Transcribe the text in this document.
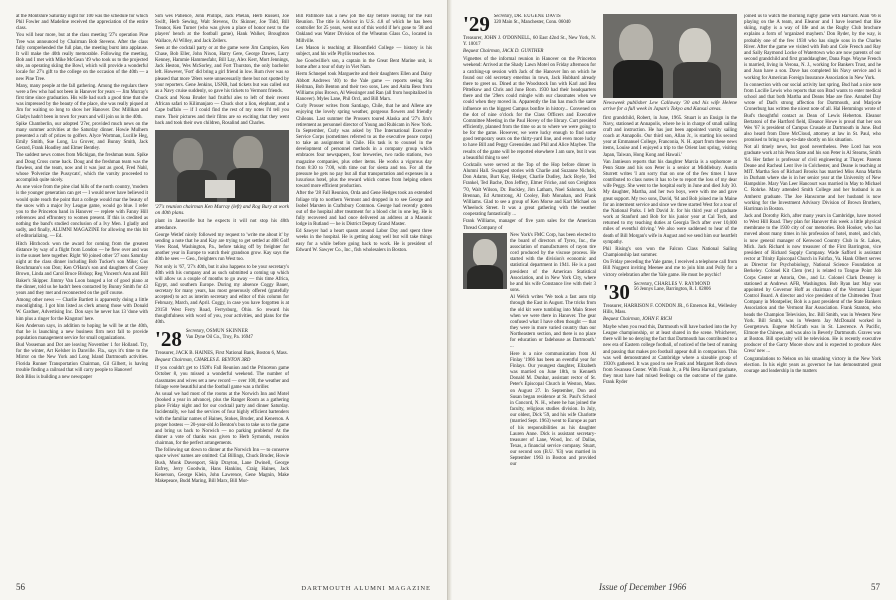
at the Montshire Saturday night for 100 was the schedule for which Phil Fowler and Madeline received the appreciation of the entire class.

You will hear more, but at the class meeting '27's operation Pine Tree was announced by Chairman Bob Stevens. After the class fully comprehended the full plan, the meeting burst into applause. It will make the 40th really memorable. Following the meeting, Bob and I met with Mike McGean '49 who took us to the projected site, an operating skiing the Bowl, which will provide a wonderful locale for 27's gift to the college on the occasion of the 40th — a new Pine Tree.

Many, many people at the fall gathering. Among the regulars there were a few who had not been in Hanover for years — Jim Murray's first time since graduation. His wife had such a good time that she was impressed by the beauty of the place, she was really piqued at Jim for waiting so long to show her Hanover. Doc Millikan and Gladys hadn't been in town for years and will join us in the 40th.

Spike Chamberlin, our adopted '27er, provided much news on the many summer activities at the Saturday dinner. Howie Mulhern presented a raft of prizes to golfers. Alyce Wortman, Lucille Heg, Emily Smith, Sue Long, Lu Grover, and Bunny Smith, Jack Gerard, Frank Hoadley and Elmer Bentley.

The saddest news comes from Michigan, the freshman team. Spike and Doug Cross come back. Doug and the freshman team was the flawless, and the team, now and it was just as good, Fred Nahl, whose 'Polverize the Pussycats', which the varsity proceeded to accomplish quite nicely.

As one voice from the pine clad hills of the north country, 'modern is the younger generation can get — I would never have believed it would quite reach the point that a college would mar the beauty of the snow with a major Ivy League game, would go blue. I refer you to the Princeton band in Hanover — replete with Fanny Hill references and effrontery to women present. If this is credited as nothing the band's studied conclusion of a Ivy Men. I gladly and sadly, and finally, ALUMNI MAGAZINE for allowing me this bit of editorializing. — Ed.

Hitch Hitchcock won the award for coming from the greatest distance by way of a flight from London — he flew over and was in the sunset here together. Right '60 joined other '27 sons Saturday night at the class dinner including Bob Tucker's son Mike; Gus Boschmann's son Don; Ken O'Hara's son and daughters of Cooey Brown, Linda and Carol Bruce Bishop; Reg Vincent's Ann and Bill Baker's Skipper. Jimmy Van Loon banged a lot of good piano at the dinner, told us he hadn't been contacted by Bunny Smith for 43 years and they met and reconnected on the golf course.

Among other news — Charlie Bartlett is apparently doing a little moonlighting. I got him listed as clerk among those with Donald W. Gardner, Advertising Inc. Don says he never has 13 'done with him plus a ringer for the Kingston' here.

Ken Anderson says, in addition to hoping he will be at the 40th, that he is launching a new business firm next fall to provide population management service for small organizations.

Bud Vosseman and Dot are leaving November 1 for Holland. Try, for the winter, Art Kelsher in Danville. Fla., says it's time to the Mirror on the New York and Long Island Dartmouth activities. Florida Runner Transportation Chairman, Gil Gilbert, is having trouble finding a railroad that will carry people to Hanover!

Bob Bliss is building a new newspaper

Sim wes Patience, John Phillips, Jack Phelan, Herb Russell, Joe Swift, Herb Sewing, Walt Stevens, Ox Skinner, Joe Tidd, Bill Treanor, Ken Turner (who was given a place of honor next to the players' bench at the football game), Hank Walker, Broughton Wallace, Al Willey, and Jack Zellers.

Seen at the cocktail party or at the game were Jim Campion, Ken Chase, Bob Eller, John Nixon, Harry Gere, George Dawes, Larry Kenney, Hammie Hammesfahr, Bill Lay, Alex Kerr, Mort Jennings, Jack Heston, Wes McSorley, and Fort Thurston, the only bachelor left. However, 'Fort' did bring a girl friend in low. Rum river was so pleased that more '28ers were unnecessarily there but not spotted by your reporters. Gene Jenkins, USNR, had tickets but was called out as a Navy cruise suddenly, so gave his tickets to Vermont friends.

Chuck and Nona Bruder had fruitful ales to left of their recent African safari to Kilimanjaro — Chuck shot a lion, elephant, and a Cape buffalo — if I could find the rest of my notes I'd tell you more. Their pictures and their films are so exciting that they went back and took their own children, Rosalind and Charles.

'27's reunion chairman Ken Murray (left) and Rog Bury at work on 40th plans.

plant in Janesville but he expects it will not stop his 40th attendance.

George Wetlef nicely followed my request to 'write me about it' by sending a note that he and Kay are trying to get settled at 408 Golf View Road, Washington, Pa., before taking off by freighter for another year in Europe to watch their grandson grow. Kay says the 40th he sees — Geo., freighters run West too.

Not only is '67, '27's 40th, but it also happens to be your secretary's 40th with his company and as such submitted a coming up which will allow us a couple of months to go away — this time Africa, Egypt, and southern Europe. During my absence Coggy Bauer, secretary for many years, has most generously offered (gratefully accepted) to act as interim secretary and editor of this column for February, March, and April. Coggy, in case you have forgotten is at 29150 West Ferry Road, Ferrysburg, Ohio. So reward his thoughtfulness with word of you, your activities, and plans for the 40th.

'28 Secretary, OSMUN SKINNER
Van Dyne Oil Co., Troy, Pa. 16947
Treasurer, JACK B. HAINES, First National Bank, Boston 6, Mass.
Bequest Chairman, CHARLES E. BENTON 3RD

If you couldn't get to 1928's Fall Reunion and the Princeton game October 8, you missed a wonderful weekend. The number of classmates and wives set a new record — over 100, the weather and foliage were beautiful and the football game was a thriller.

As usual we had most of the rooms at the Norwich Inn and Motel (booked a year in advance), plus the Ranger Room as a gathering place Friday night and for our cocktail party and dinner Saturday. Incidentally, we had the services of four highly efficient bartenders with the familiar names of Haines, Stokes, Bruder, and Kenerson. A proper hostess — 20-year-old Jo Benton's bus to take us to the game and bring us back to Norwich — no parking problems! At the dinner a vote of thanks was given to Herb Symonds, reunion chairman, for the perfect arrangements.

The following sat down to dinner at the Norwich Inn — to conserve space wives' names are omitted: Cal Billings, Chuck Bruder, Howie Bush, Monk Davenport, Skip Drayton, Lane Dwinell, George Enfrey, Jerry Goodwin, Hans Hankins, Craig Haines, Jack Kenerson, George Klein, John Lawrence, Gene Magnin, Make Makepeace, Budd Maring, Bill Marx, Bill Mor-

Bill Pafimore has a new job the day before leaving for the Fall Reunion. The title is Advisor in U.S. 4.8 of which he has been controller for 25 years, went out of this world if he's gone to '38 and Oakland was Water Division of the Wheaton Glass Co., located in Millville.

Les Mason is teaching at Bloomfield College — history is his subject, and his wife Phyllis teaches too.

Joe Goodwillie's son, a captain in the Great Bent Marine unit, is home after a tour of duty in Viet Nam.

Herm Schnepel took Marguerite and their daughters Ellen and Daisy Abbott Andrews '40) to the Yale game — reports seeing Stu Heilman, Bob Benton and their two sons, Lew and Anita Bess from Williams plus Brown, Al Wessinger and Ran (all from hospitalized in Hanover). Myles Lane, Phil Orcl, and Bill Marx.

Curly Prosser writes from Santiago, Chile, that he and Allene are enjoying the lovely spring weather, gorgeous flowers and friendly Chileans. Last summer the Prossers toured Alaska and '27's Jim's retirement as personnel director of Young and Rubicam in New York. In September, Curly was asked by The International Executive Service Corps (sometimes referred to as the executive peace corps) to take an assignment in Chile. His task is to counsel in the development of personnel methods in a company group which embraces four newspapers, four breweries, two radio stations, two magazine companies, plus other items. He works a vigorous day from 8:30 to 7:00, with time out for siesta and tea. For all the pressure he gets no pay but all that transportation and expenses in a luxurious hotel, plus the reward which comes from helping others toward more efficient production.

After the '28 Fall Reunion, Orda and Gene Hedges took an extended foliage trip to northern Vermont and dropped in to see George and Isobel Marsten in Craftsbury Common. George had recently gotten out of the hospital after treatment for a blood clot in one leg. He is fully recovered and had once delivered an address at a Masonic lodge in Rutland — he is District Deputy Grand Master.

Ed Sawyer had a heart spasm around Labor Day and spent three weeks in the hospital. He is getting along well but will take things easy for a while before going back to work. He is president of Edward W. Sawyer Co., Inc., fish wholesalers in Boston.

56	DARTMOUTH ALUMNI MAGAZINE
'29 Secretary, DR. EUGENE DAVIS
320 Main St., Manchester, Conn. 06040
Treasurer, JOHN J. O'DONNELL, 60 East 42nd St., New York, N. Y. 10017
Bequest Chairman, JACK D. GUNTHER

Vignettes of the informal reunion in Hanover on the Princeton weekend: Arrived at the Shady Lawn Motel on Friday afternoon for a catching-up session with Jack of the Hanover Inn on which he found our old secretary emeritus in town, Jack Hubbard already there to greet us. Dined at the Woodstock Inn with Karl and Bea Pittelkow and Chris and June Born. 1930 had their headquarters there and the '29ers could mingle with our classmates when we could when they moved in. Apparently the Inn has much the same influence on the biggest Campus bonfire in history... Convened on the dot of nine o'clock for the Class Officers and Executive Committee Meeting in the Paul Hovey of the library. Curt presided efficiently, planned from the time so as to where we were going to be for the game. However, we were lucky enough to find some good temporary seats on the thirty-yard line, and even more lucky to have Bill and Peggy Greensides and Phil and Alice Maybee. The results of the game will be reported elsewhere I am sure, but it was a beautiful thing to see!

Cocktails were served at the Top of the Hop before dinner in Alumni Hall. Swapped stories with Charlie and Suzanne Nichols, Don Adams, Burt Kay, Hedger, Charlie Dudley, Jack Boyle, Ted Frankel, Ted Bache, Don Jeffery, Elmer Fricke, and son Creighton '70, Walt Wilson, Dr. Buckley, Jim Latham, Noel Salomon, Jack Brennan, Ed Armstrong, Al Cooley, Bob Monahan, and Frank Williams. Glad to see a group of Ken Morse and Karl Michael on Wheelock Street. It was a great gathering with the weather cooperating fantastically ...

Frank Williams, manager of five yarn sales for the American Thread Company of

New York's FMC Corp, has been elected to the board of directors of Tyrex, Inc., the association of manufacturers of rayon tire cord produced by the viscose process. He started with the division's economic and statistical department in 1941. He is a past president of the American Statistical Association, and in New York City, where he and his wife Constance live with their 3 sons.

Al Welch writes 'We took a fast auto trip through the East in August. The tricks from the old kit were tumbling into Main Street when we were there in Hanover. The gear confused what I have often thought — that they were in more varied country than our Northeastern section, and there is no place for education or fadehouse as Dartmouth.' ...

Here is a nice communication from Al Finlay '1966 has been an eventful year for Finlays. Our youngest daughter, Elizabeth was married on June 18th, to Kenneth Donald M. Dunbar, assistant rector of St. Peter's Episcopal Church in Weston, Mass. on August 27. In September, Don and Susan began residence at St. Paul's School in Concord, N. H., where he has joined the faculty, religious studies division. In July, our oldest, Dick '59, and his wife Charlotte (married Sept. 1963) went to Europe as part of his responsibilities as his daughter Lauren Anne. Dick is assistant secretary-treasurer of Lane, Wood, Inc. of Dallas, Texas, a financial service company. Stuart, our second son (B.U. '63) was married in September 1963 in Boston and provided our

Newsweek publisher Lew Callaway '30 and his wife Helene arrive for a full week in Japan's Tokyo and Kansai areas.

first grandchild, Robert, in June, 1965. Stuart is an Ensign in the Navy, stationed at Annapolis, where he is in charge of small sailing craft and instruction. He has just been appointed varsity sailing coach at Annapolis. Our third son, Allan Jr., is starting his second year at Emmanuel College, Franconia, N. H. apart from these news items, Louise and I enjoyed a trip to the Orient last spring, visiting Japan, Taiwan, Hong Kong and Hawaii.'

Van Jamieson reports that his daughter Marcia is a sophomore at Penn State and his son Peter is a senior at Middlebury. Austin Sturrett writes 'I am sorry that on one of the few times I have contributed to class notes it has to be to report the loss of my dear wife Peggy. She went to the hospital early in June and died July 30. My daughter, Martha, and her two boys, were with me and gave great support. My two sons, David, '64 and Bob joined me in Maine for an interment service and since we three started West for a tour of the National Parks. I left David Jr. for his third year of graduate work at Stanford and Bob for his junior year at Cal Tech, and returned to my teaching duties at Georgia Tech after over 10,000 miles of eventful driving.' We also were saddened to hear of the death of Bill Morgan's wife in August and we send him our heartfelt sympathy.

Phil Rising's son won the Falcon Class National Sailing Championship last summer.

On Friday preceding the Yale game, I received a telephone call from Bill Nuggent inviting Meenee and me to join him and Polly for a victory celebration after the Yale game. He must be psychic!

'30 Secretary, CHARLES V. RAYMOND
56 Jennys Lane, Barrington, R. I. 02806
Treasurer, HARRISON F. CONDON JR., 6 Emerson Rd., Wellesley Hills, Mass.
Bequest Chairman, JOHN F. RICH

Maybe when you read this, Dartmouth will have backed into the Ivy League championship, or at least shared in the scene. Whichever, there will be no denying the fact that Dartmouth has contributed to a new era of Eastern college football, of noticed of the best of running and passing that makes pro football appear dull in comparison. This was well demonstrated at Cambridge where a sizeable group of 1930's gathered. It was good to see Frank and Margaret Roth down from Swansea Center. With Frank Jr., a Phi Beta Harvard graduate, they must have had mixed feelings on the outcome of the game. Frank Ryder

joined us to watch the morning rugby game with Harvard. Alan '66 is playing on the A team, and Eleanor and I have learned that like skiing, rugby is a way of life and as the Rugby Club brochure explains a form of 'organized mayhem.' Don Ryder, by the way, is probably one of the few 1930 who has single sons in the Charles River. After the game we visited with Bob and Cole French and Ray and Sally Raymond Locke of Watertown who are now parents of our second grandchild and first granddaughter, Dana Page. Wayne French is married, living in Verona, N. J., working for Bankers Trust, and he and Joan have a son. Dave has completed his Navy service and is working for American Foreign Insurance Association in New York.

In connection with our social activity last spring, Bud had a nice note from Lucille Lewis who reports that son Brad wants to enter medical school and that both Martha and Deans Mae are fine. Annabel Day wrote of Dad's strong affection for Dartmouth, and Marjorie Cronerburg has written the nicest note of all. Hal Hemmings wrote of Bud's thoughtful contact as Dean of Lewis Heberton. Eleanor Bertatoni of the Hartford field, Eleanor Howe is proud that her son Wes '67 is president of Campus Crusade at Dartmouth in June. Bud also heard from Dave McCloud, attorney at law in St. Paul, who promised to bring us up-to-date shortly on his situation.

Not all timely news, but good nevertheless. Pete Lord has won graduate work at his Penn State and his son Peter is Al Stearns, Smith '64. Her father is professor of civil engineering at Thayer. Parents Deane and Racheal Lent live in Colchester, and Deane is teaching at MIT. Martha Son of Richard Brooks has married Miss Anna Martin in Durham where she is in her senior year at the University of New Hampshire. Mary Van Leer Hancourt was married in May to Michael C. Rohrke. Mary attended Smith College and her husband is an Amherst graduate. The Joe Hanscome and her husband is now working for the Investment Advisory Division of Brown Brothers, Harriman in Boston.

Jack and Dorothy Rich, after many years in Cambridge, have moved to West Hill Road. They plan for Hanover this week a little physical membrane to the 1930 city of our memories. Bob Hooker, who has moved about many times in his profession of hotel, motel, and club, is now general manager of Kenwood Country Club in St. Lakes, Mich. Jack Richard is now treasurer of the First Barrington, vice president of Richard Supply Company. Wade Safford is assistant rector at Trinity Episcopal Church in Fairfax, Va. Hank Olbert serves as Director for Psychobiology, National Science Foundation at Berkeley. Colonel Kit Clem (ret.) is related to Tongue Point Job Corps Center at Astoria, Ore., and Lt. Colonel Clark Denney is stationed at Andrews AFB, Washington. Bob Ryan last May was appointed by Governor Hoff as chairman of the Vermont Liquor Control Board. A director and vice president of the Chittenden Trust Company in Montpelier, Bob is a past president of the State Bankers Association and the Vermont Bar Association. Frank Stanton, who heads the Champion Television, Inc. Bill Smith, was in Western New York. Bill Smith, was in Western Jay McDonald worked in Georgetown. Eugene McGrath was in St. Lawrence. A Pacific, Elmore the Chinese, and was also in Beverly Dartmouth. Graves was at Boston. Bill specialty will be television. He is recently executive producer of the Garry Moore show and is expected to produce Alex Cress' new ...

Congratulations to Nelson on his smashing victory in the New York election. In his eight years as governor he has demonstrated great courage and leadership in the matters

Issue of December 1966	57
